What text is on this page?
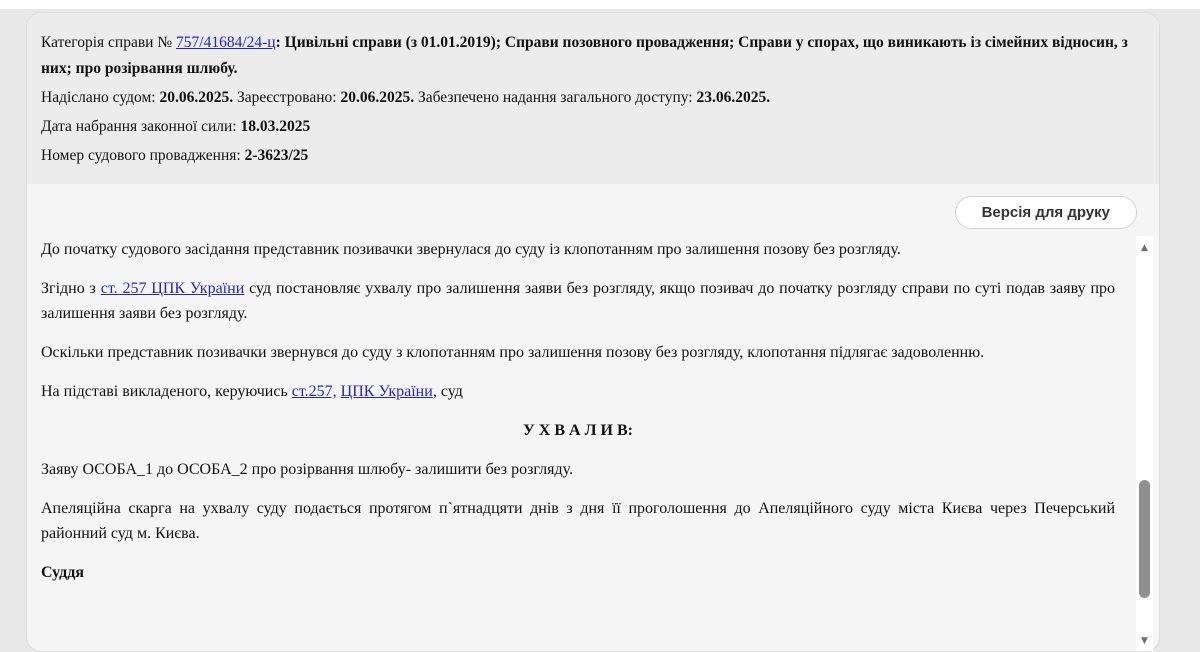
Категорія справи № 757/41684/24-ц: Цивільні справи (з 01.01.2019); Справи позовного провадження; Справи у спорах, що виникають із сімейних відносин, з них; про розірвання шлюбу.

Надіслано судом: 20.06.2025. Зареєстровано: 20.06.2025. Забезпечено надання загального доступу: 23.06.2025.

Дата набрання законної сили: 18.03.2025

Номер судового провадження: 2-3623/25

Версія для друку

До початку судового засідання представник позивачки звернулася до суду із клопотанням про залишення позову без розгляду.

Згідно з ст. 257 ЦПК України суд постановляє ухвалу про залишення заяви без розгляду, якщо позивач до початку розгляду справи по суті подав заяву про залишення заяви без розгляду.

Оскільки представник позивачки звернувся до суду з клопотанням про залишення позову без розгляду, клопотання підлягає задоволенню.

На підставі викладеного, керуючись ст.257, ЦПК України, суд

У Х В А Л И В:

Заяву ОСОБА_1 до ОСОБА_2 про розірвання шлюбу- залишити без розгляду.

Апеляційна скарга на ухвалу суду подається протягом п`ятнадцяти днів з дня її проголошення до Апеляційного суду міста Києва через Печерський районний суд м. Києва.

Суддя

▲
▼
